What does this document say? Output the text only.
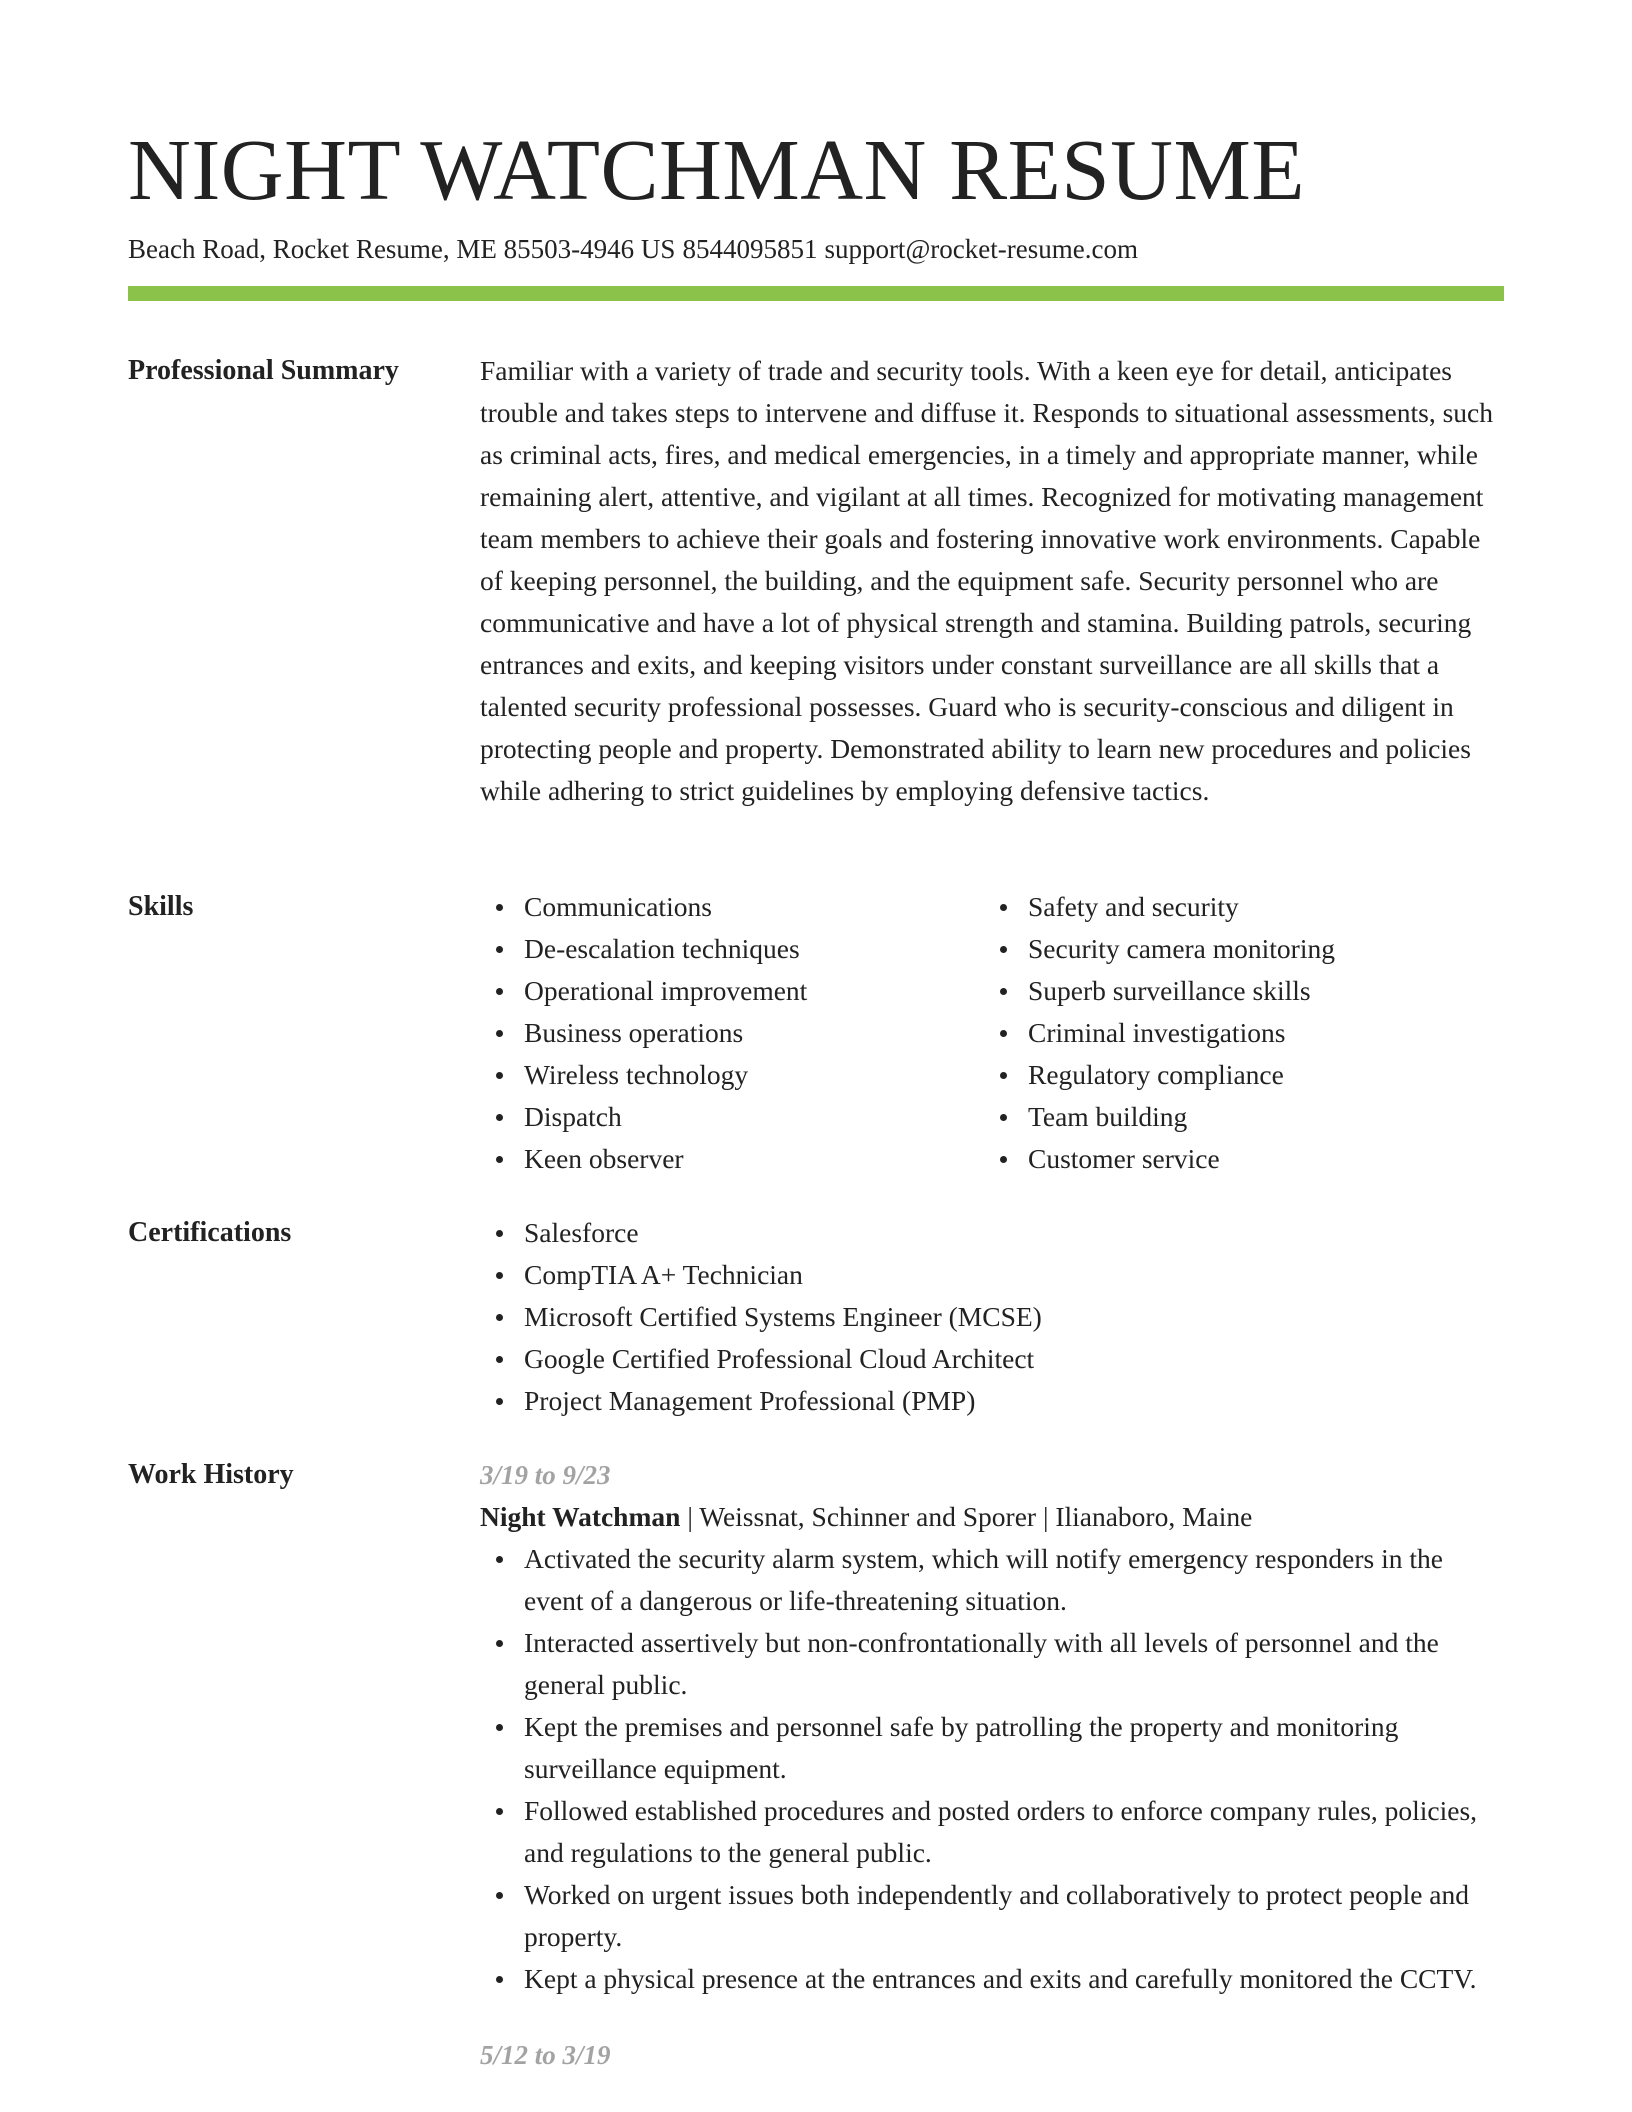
NIGHT WATCHMAN RESUME
Beach Road, Rocket Resume, ME 85503-4946 US 8544095851 support@rocket-resume.com
Professional Summary	Familiar with a variety of trade and security tools. With a keen eye for detail, anticipates trouble and takes steps to intervene and diffuse it. Responds to situational assessments, such as criminal acts, fires, and medical emergencies, in a timely and appropriate manner, while remaining alert, attentive, and vigilant at all times. Recognized for motivating management team members to achieve their goals and fostering innovative work environments. Capable of keeping personnel, the building, and the equipment safe. Security personnel who are communicative and have a lot of physical strength and stamina. Building patrols, securing entrances and exits, and keeping visitors under constant surveillance are all skills that a talented security professional possesses. Guard who is security-conscious and diligent in protecting people and property. Demonstrated ability to learn new procedures and policies while adhering to strict guidelines by employing defensive tactics.

Skills	Communications
De-escalation techniques
Operational improvement
Business operations
Wireless technology
Dispatch
Keen observer
Safety and security
Security camera monitoring
Superb surveillance skills
Criminal investigations
Regulatory compliance
Team building
Customer service
Certifications	Salesforce
CompTIA A+ Technician
Microsoft Certified Systems Engineer (MCSE)
Google Certified Professional Cloud Architect
Project Management Professional (PMP)
Work History	3/19 to 9/23
Night Watchman | Weissnat, Schinner and Sporer | Ilianaboro, Maine
Activated the security alarm system, which will notify emergency responders in the event of a dangerous or life-threatening situation.
Interacted assertively but non-confrontationally with all levels of personnel and the general public.
Kept the premises and personnel safe by patrolling the property and monitoring surveillance equipment.
Followed established procedures and posted orders to enforce company rules, policies, and regulations to the general public.
Worked on urgent issues both independently and collaboratively to protect people and property.
Kept a physical presence at the entrances and exits and carefully monitored the CCTV.
5/12 to 3/19
